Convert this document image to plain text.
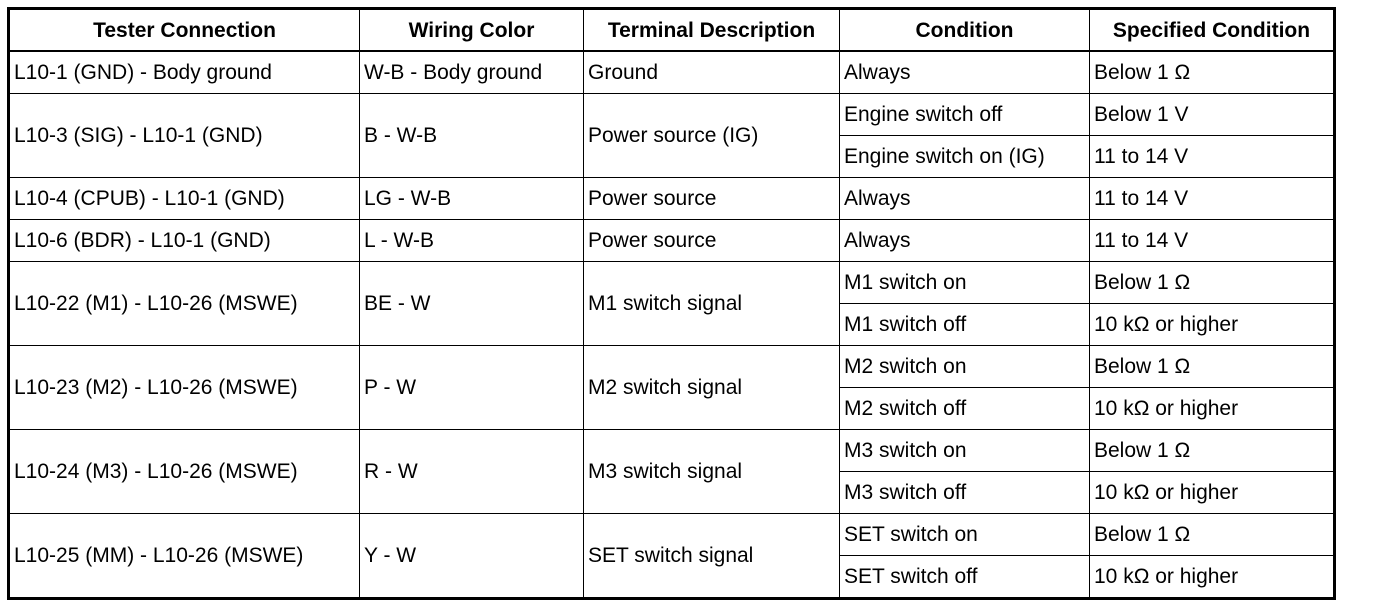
Tester Connection	Wiring Color	Terminal Description	Condition	Specified Condition
L10-1 (GND) - Body ground	W-B - Body ground	Ground	Always	Below 1 Ω
L10-3 (SIG) - L10-1 (GND)	B - W-B	Power source (IG)	Engine switch off	Below 1 V
			Engine switch on (IG)	11 to 14 V
L10-4 (CPUB) - L10-1 (GND)	LG - W-B	Power source	Always	11 to 14 V
L10-6 (BDR) - L10-1 (GND)	L - W-B	Power source	Always	11 to 14 V
L10-22 (M1) - L10-26 (MSWE)	BE - W	M1 switch signal	M1 switch on	Below 1 Ω
			M1 switch off	10 kΩ or higher
L10-23 (M2) - L10-26 (MSWE)	P - W	M2 switch signal	M2 switch on	Below 1 Ω
			M2 switch off	10 kΩ or higher
L10-24 (M3) - L10-26 (MSWE)	R - W	M3 switch signal	M3 switch on	Below 1 Ω
			M3 switch off	10 kΩ or higher
L10-25 (MM) - L10-26 (MSWE)	Y - W	SET switch signal	SET switch on	Below 1 Ω
			SET switch off	10 kΩ or higher
